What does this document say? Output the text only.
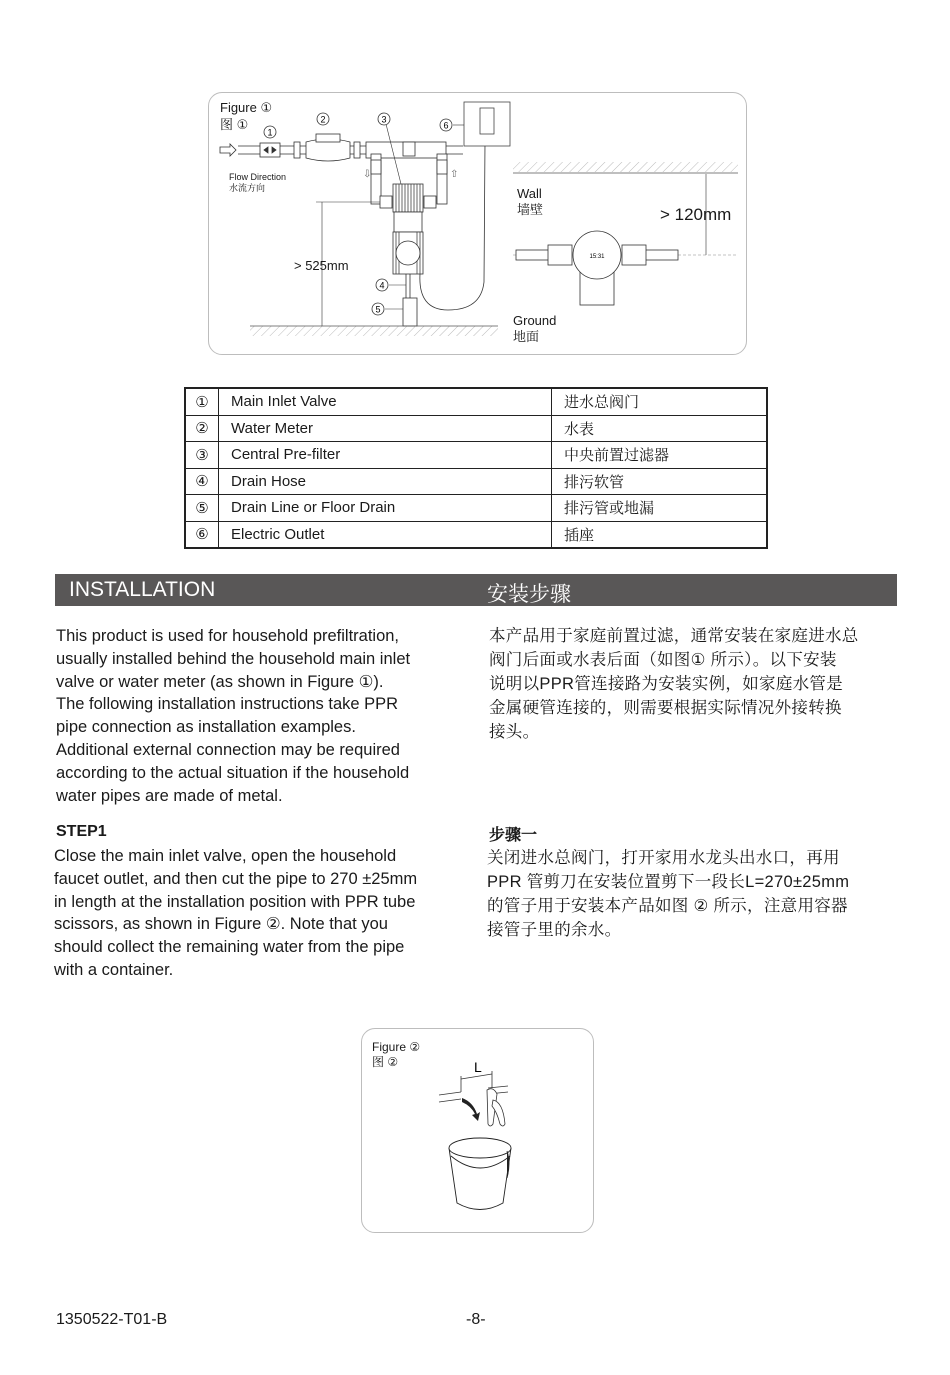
Figure ①
图 ①
1
2
⇩	⇧
3
4
5
6
15:31
Flow Direction
水流方向
> 525mm
Wall
墙壁	> 120mm
Ground
地面
①	Main Inlet Valve	进水总阀门
②	Water Meter	水表
③	Central Pre-filter	中央前置过滤器
④	Drain Hose	排污软管
⑤	Drain Line or Floor Drain	排污管或地漏
⑥	Electric Outlet	插座
INSTALLATION	安装步骤
This product is used for household prefiltration,
usually installed behind the household main inlet
valve or water meter (as shown in Figure ①).
The following installation instructions take PPR
pipe connection as installation examples.
Additional external connection may be required
according to the actual situation if the household
water pipes are made of metal.
本产品用于家庭前置过滤，通常安装在家庭进水总
阀门后面或水表后面（如图① 所示）。以下安装
说明以PPR管连接路为安装实例，如家庭水管是
金属硬管连接的，则需要根据实际情况外接转换
接头。
STEP1
Close the main inlet valve, open the household
faucet outlet, and then cut the pipe to 270 ±25mm
in length at the installation position with PPR tube
scissors, as shown in Figure ②. Note that you
should collect the remaining water from the pipe
with a container.
步骤一
关闭进水总阀门，打开家用水龙头出水口，再用
PPR 管剪刀在安装位置剪下一段长L=270±25mm
的管子用于安装本产品如图 ② 所示，注意用容器
接管子里的余水。
Figure ②
图 ②	L
1350522-T01-B	-8-
